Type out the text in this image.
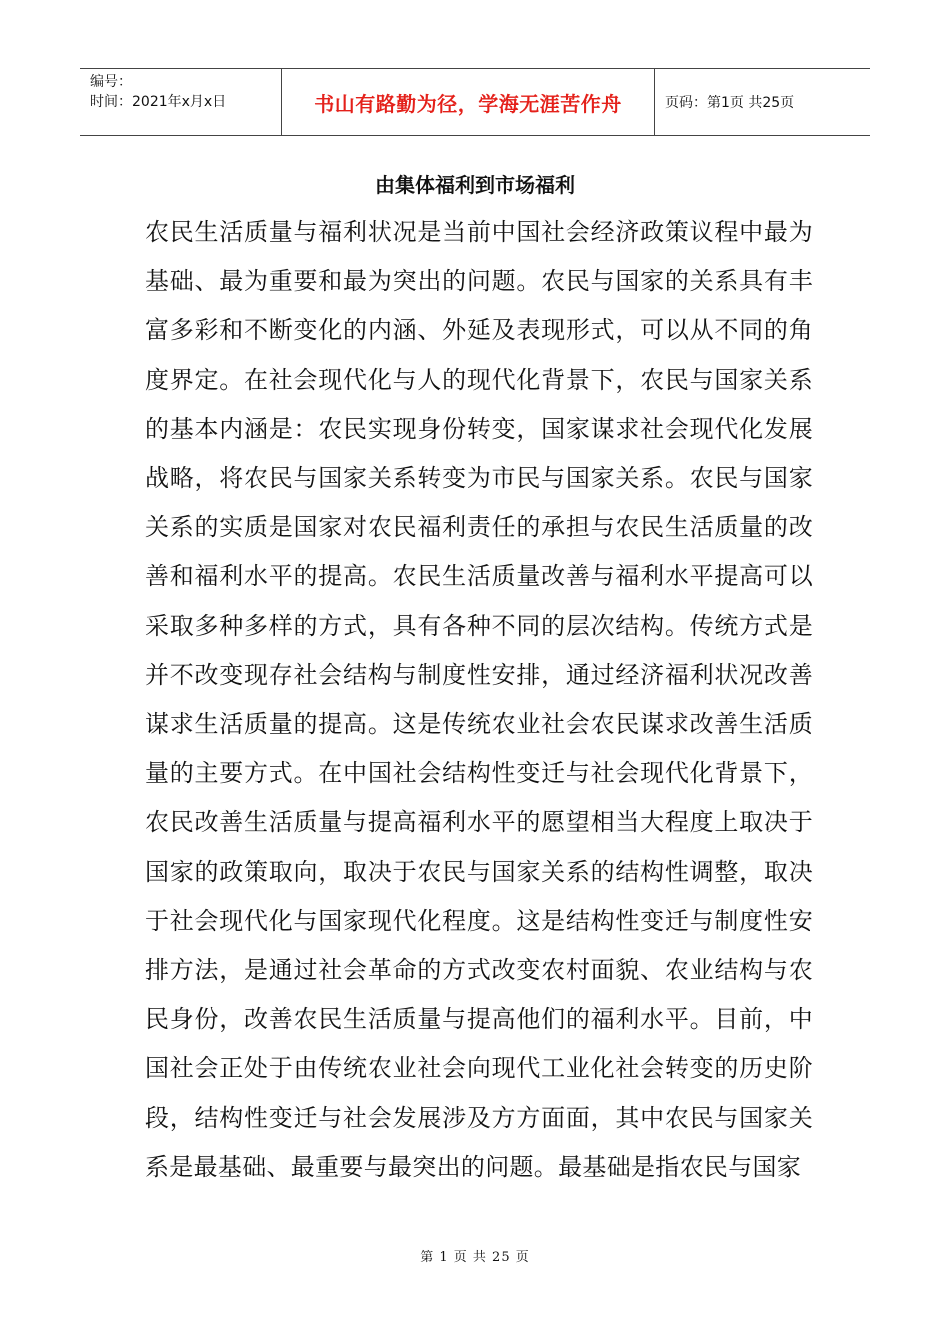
编号：
时间：2021年x月x日	书山有路勤为径，学海无涯苦作舟	页码：第1页 共25页
由集体福利到市场福利

农民生活质量与福利状况是当前中国社会经济政策议程中最为基础、最为重要和最为突出的问题。农民与国家的关系具有丰富多彩和不断变化的内涵、外延及表现形式，可以从不同的角度界定。在社会现代化与人的现代化背景下，农民与国家关系的基本内涵是：农民实现身份转变，国家谋求社会现代化发展战略，将农民与国家关系转变为市民与国家关系。农民与国家关系的实质是国家对农民福利责任的承担与农民生活质量的改善和福利水平的提高。农民生活质量改善与福利水平提高可以采取多种多样的方式，具有各种不同的层次结构。传统方式是并不改变现存社会结构与制度性安排，通过经济福利状况改善谋求生活质量的提高。这是传统农业社会农民谋求改善生活质量的主要方式。在中国社会结构性变迁与社会现代化背景下，农民改善生活质量与提高福利水平的愿望相当大程度上取决于国家的政策取向，取决于农民与国家关系的结构性调整，取决于社会现代化与国家现代化程度。这是结构性变迁与制度性安排方法，是通过社会革命的方式改变农村面貌、农业结构与农民身份，改善农民生活质量与提高他们的福利水平。目前，中国社会正处于由传统农业社会向现代工业化社会转变的历史阶段，结构性变迁与社会发展涉及方方面面，其中农民与国家关系是最基础、最重要与最突出的问题。最基础是指农民与国家

第 1 页 共 25 页
